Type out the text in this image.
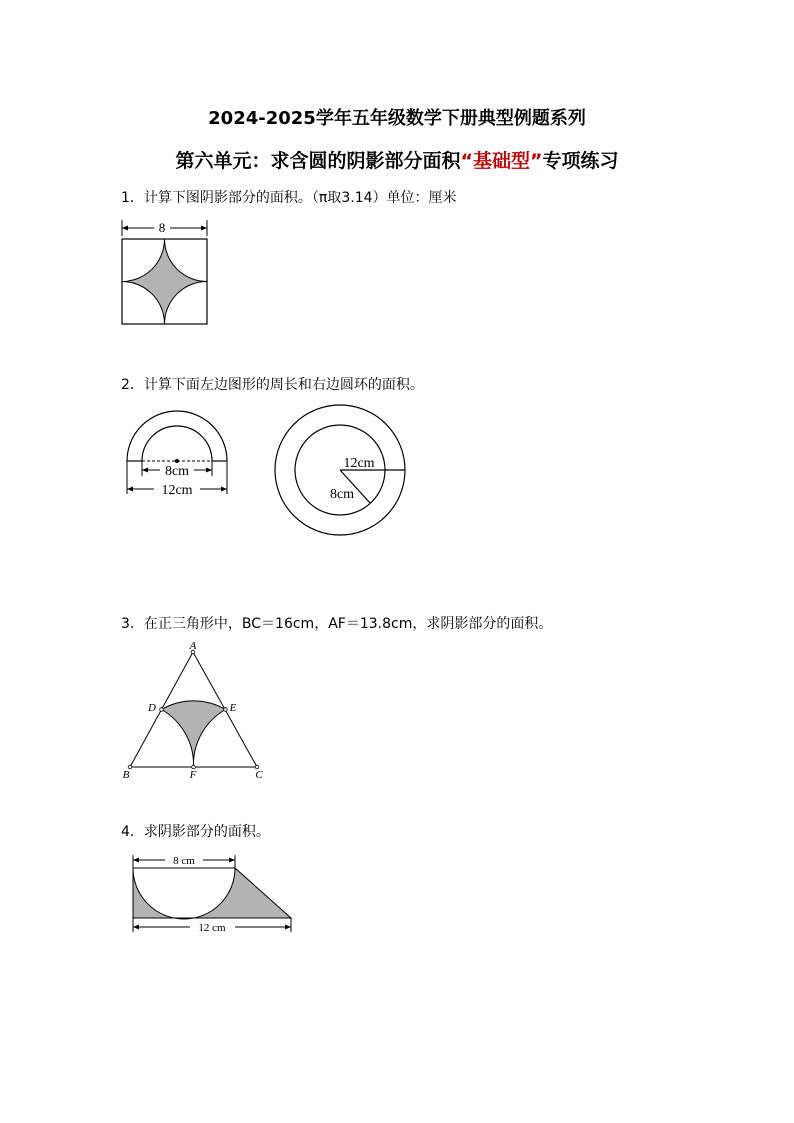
2024-2025学年五年级数学下册典型例题系列
第六单元：求含圆的阴影部分面积“基础型”专项练习
1．计算下图阴影部分的面积。（π取3.14）单位：厘米
8
8cm
12cm
12cm
8cm
A
B	C
D	E
F
8 cm
12 cm
2．计算下面左边图形的周长和右边圆环的面积。
3．在正三角形中，BC＝16cm，AF＝13.8cm，求阴影部分的面积。
4．求阴影部分的面积。
